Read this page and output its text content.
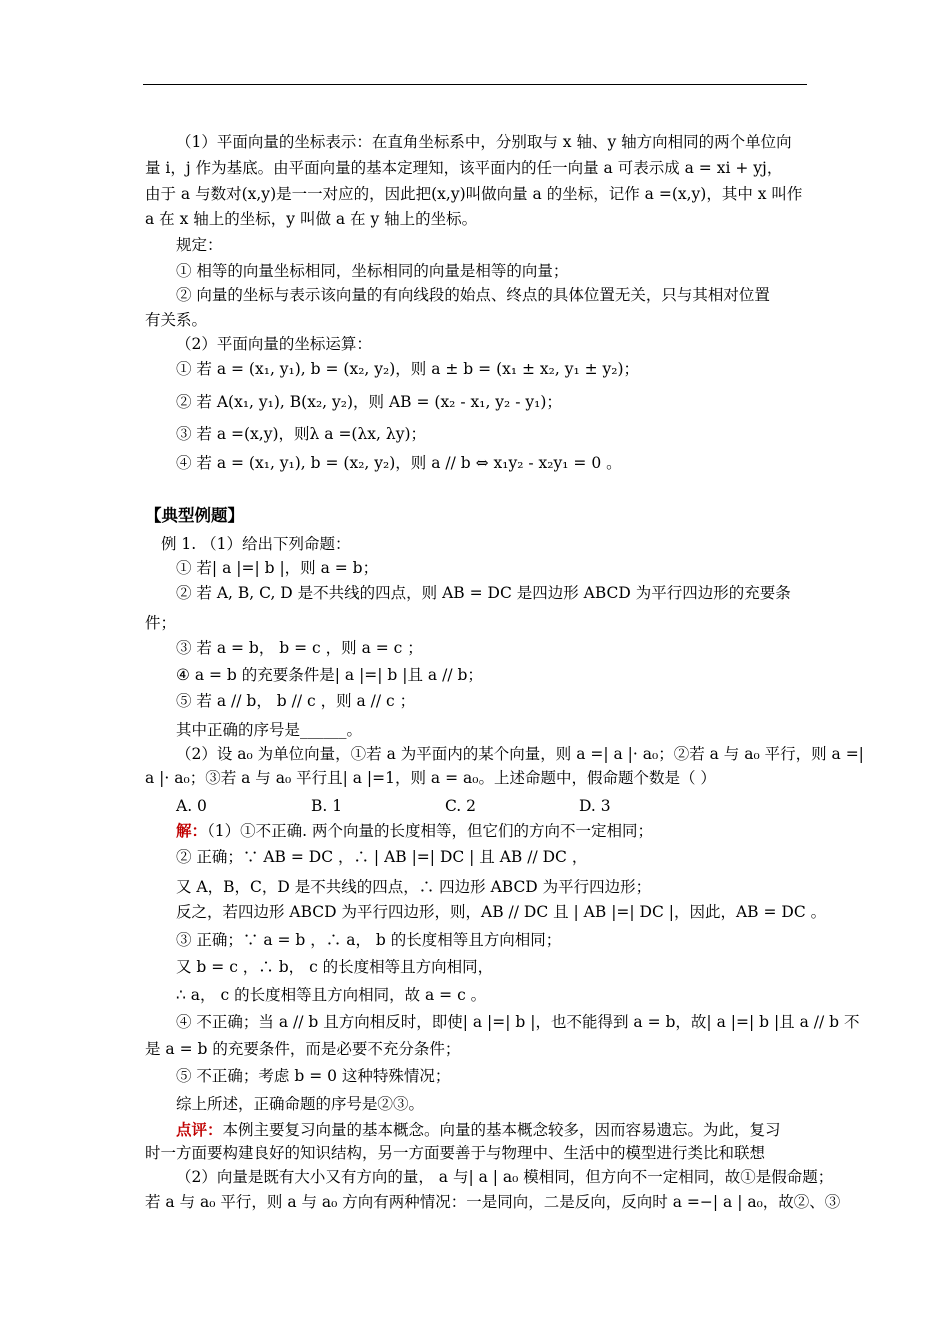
（1）平面向量的坐标表示：在直角坐标系中，分别取与 x 轴、y 轴方向相同的两个单位向
量 i，j 作为基底。由平面向量的基本定理知，该平面内的任一向量 a 可表示成 a = xi + yj，
由于 a 与数对(x,y)是一一对应的，因此把(x,y)叫做向量 a 的坐标，记作 a =(x,y)，其中 x 叫作
a 在 x 轴上的坐标，y 叫做 a 在 y 轴上的坐标。
规定：
① 相等的向量坐标相同，坐标相同的向量是相等的向量；
② 向量的坐标与表示该向量的有向线段的始点、终点的具体位置无关，只与其相对位置
有关系。
（2）平面向量的坐标运算：
① 若 a = (x₁, y₁), b = (x₂, y₂)，则 a ± b = (x₁ ± x₂, y₁ ± y₂)；
② 若 A(x₁, y₁), B(x₂, y₂)，则 AB = (x₂ - x₁, y₂ - y₁)；
③ 若 a =(x,y)，则λ a =(λx, λy)；
④ 若 a = (x₁, y₁), b = (x₂, y₂)，则 a // b ⇔ x₁y₂ - x₂y₁ = 0 。
【典型例题】
例 1. （1）给出下列命题：
① 若| a |=| b |，则 a = b；
② 若 A, B, C, D 是不共线的四点，则 AB = DC 是四边形 ABCD 为平行四边形的充要条
件；
③ 若 a = b， b = c ，则 a = c ；
④ a = b 的充要条件是| a |=| b |且 a // b；
⑤ 若 a // b， b // c ，则 a // c ；
其中正确的序号是______。
（2）设 a₀ 为单位向量，①若 a 为平面内的某个向量，则 a =| a |· a₀；②若 a 与 a₀ 平行，则 a =|
a |· a₀；③若 a 与 a₀ 平行且| a |=1，则 a = a₀。上述命题中，假命题个数是（ ）
A. 0	B. 1	C. 2	D. 3
解：（1）①不正确. 两个向量的长度相等，但它们的方向不一定相同；
② 正确；∵ AB = DC ，∴ | AB |=| DC | 且 AB // DC ，
又 A，B，C，D 是不共线的四点，∴ 四边形 ABCD 为平行四边形；
反之，若四边形 ABCD 为平行四边形，则，AB // DC 且 | AB |=| DC |，因此，AB = DC 。
③ 正确；∵ a = b ，∴ a， b 的长度相等且方向相同；
又 b = c ，∴ b， c 的长度相等且方向相同，
∴ a， c 的长度相等且方向相同，故 a = c 。
④ 不正确；当 a // b 且方向相反时，即使| a |=| b |，也不能得到 a = b，故| a |=| b |且 a // b 不
是 a = b 的充要条件，而是必要不充分条件；
⑤ 不正确；考虑 b = 0 这种特殊情况；
综上所述，正确命题的序号是②③。
点评：本例主要复习向量的基本概念。向量的基本概念较多，因而容易遗忘。为此，复习
时一方面要构建良好的知识结构，另一方面要善于与物理中、生活中的模型进行类比和联想
（2）向量是既有大小又有方向的量， a 与| a | a₀ 模相同，但方向不一定相同，故①是假命题；
若 a 与 a₀ 平行，则 a 与 a₀ 方向有两种情况：一是同向，二是反向，反向时 a =−| a | a₀，故②、③
